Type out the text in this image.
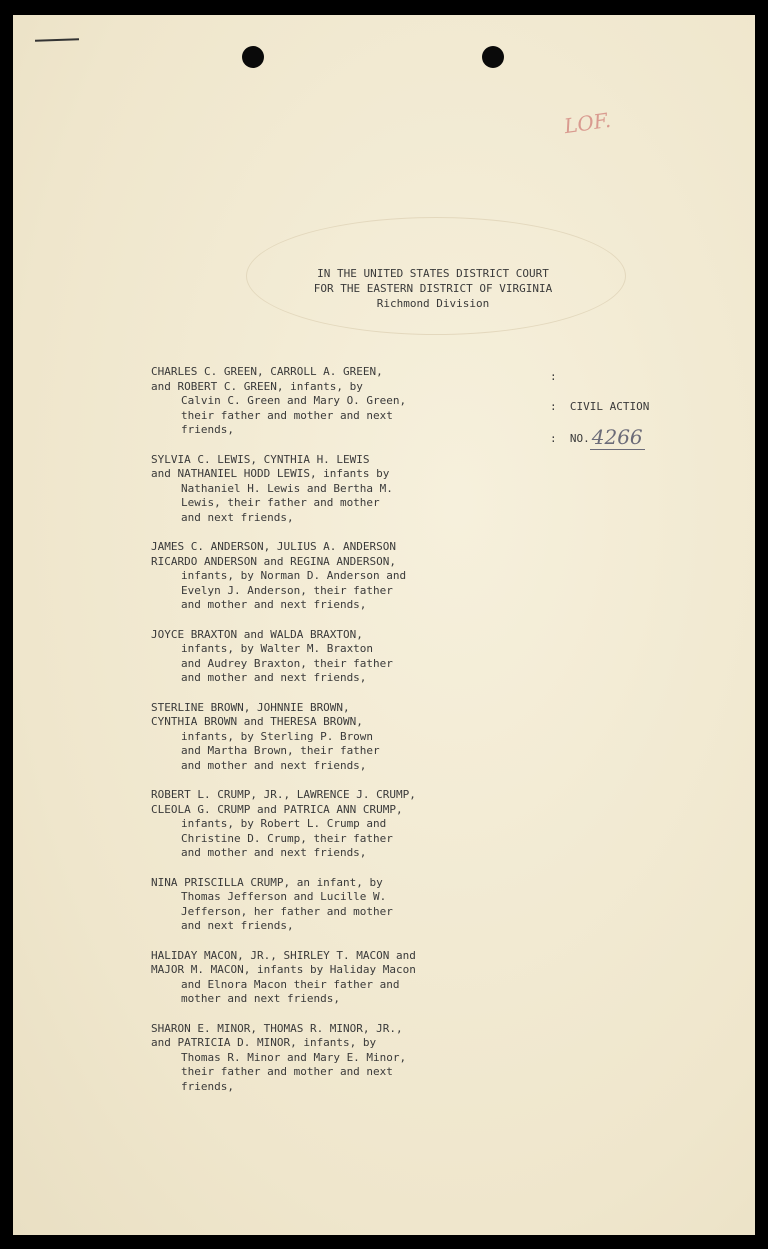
LOF.
IN THE UNITED STATES DISTRICT COURT
FOR THE EASTERN DISTRICT OF VIRGINIA
Richmond Division
:
:  CIVIL ACTION
:  NO. 4266
CHARLES C. GREEN, CARROLL A. GREEN,
and ROBERT C. GREEN, infants, by
Calvin C. Green and Mary O. Green,
their father and mother and next
friends,
SYLVIA C. LEWIS, CYNTHIA H. LEWIS
and NATHANIEL HODD LEWIS, infants by
Nathaniel H. Lewis and Bertha M.
Lewis, their father and mother
and next friends,
JAMES C. ANDERSON, JULIUS A. ANDERSON
RICARDO ANDERSON and REGINA ANDERSON,
infants, by Norman D. Anderson and
Evelyn J. Anderson, their father
and mother and next friends,
JOYCE BRAXTON and WALDA BRAXTON,
infants, by Walter M. Braxton
and Audrey Braxton, their father
and mother and next friends,
STERLINE BROWN, JOHNNIE BROWN,
CYNTHIA BROWN and THERESA BROWN,
infants, by Sterling P. Brown
and Martha Brown, their father
and mother and next friends,
ROBERT L. CRUMP, JR., LAWRENCE J. CRUMP,
CLEOLA G. CRUMP and PATRICA ANN CRUMP,
infants, by Robert L. Crump and
Christine D. Crump, their father
and mother and next friends,
NINA PRISCILLA CRUMP, an infant, by
Thomas Jefferson and Lucille W.
Jefferson, her father and mother
and next friends,
HALIDAY MACON, JR., SHIRLEY T. MACON and
MAJOR M. MACON, infants by Haliday Macon
and Elnora Macon their father and
mother and next friends,
SHARON E. MINOR, THOMAS R. MINOR, JR.,
and PATRICIA D. MINOR, infants, by
Thomas R. Minor and Mary E. Minor,
their father and mother and next
friends,
